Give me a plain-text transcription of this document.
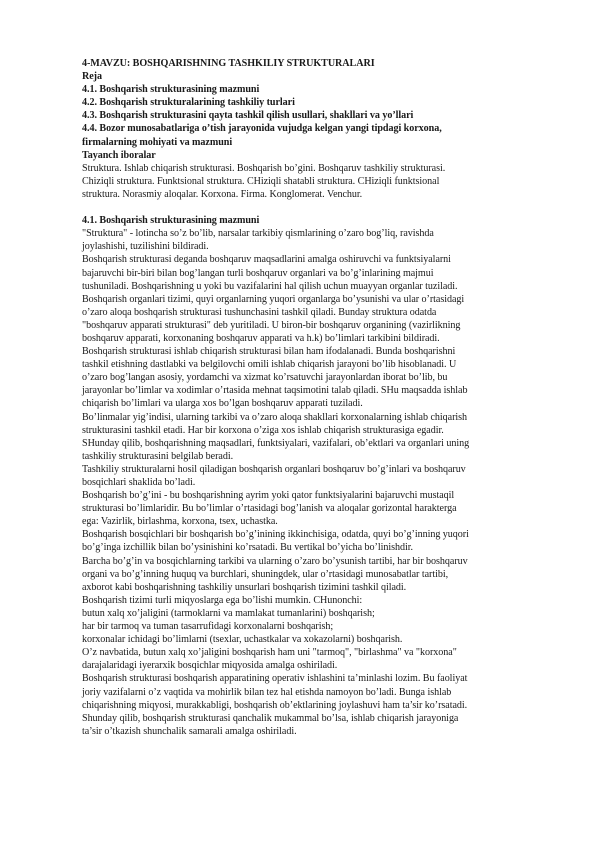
4-MAVZU: BOSHQARISHNING TASHKILIY STRUKTURALARI
Reja
4.1. Boshqarish strukturasining mazmuni
4.2. Boshqarish strukturalarining tashkiliy turlari
4.3. Boshqarish strukturasini qayta tashkil qilish usullari, shakllari va yo’llari
4.4. Bozor munosabatlariga o’tish jarayonida vujudga kelgan yangi tipdagi korxona,
firmalarning mohiyati va mazmuni
Tayanch iboralar
Struktura. Ishlab chiqarish strukturasi. Boshqarish bo’gini. Boshqaruv tashkiliy strukturasi.
Chiziqli struktura. Funktsional struktura. CHiziqli shatabli struktura. CHiziqli funktsional
struktura. Norasmiy aloqalar. Korxona. Firma. Konglomerat. Venchur.
4.1. Boshqarish strukturasining mazmuni
"Struktura" - lotincha so’z bo’lib, narsalar tarkibiy qismlarining o’zaro bog’liq, ravishda
joylashishi, tuzilishini bildiradi.
Boshqarish strukturasi deganda boshqaruv maqsadlarini amalga oshiruvchi va funktsiyalarni
bajaruvchi bir-biri bilan bog’langan turli boshqaruv organlari va bo’g’inlarining majmui
tushuniladi. Boshqarishning u yoki bu vazifalarini hal qilish uchun muayyan organlar tuziladi.
Boshqarish organlari tizimi, quyi organlarning yuqori organlarga bo’ysunishi va ular o’rtasidagi
o’zaro aloqa boshqarish strukturasi tushunchasini tashkil qiladi. Bunday struktura odatda
"boshqaruv apparati strukturasi" deb yuritiladi. U biron-bir boshqaruv organining (vazirlikning
boshqaruv apparati, korxonaning boshqaruv apparati va h.k) bo’limlari tarkibini bildiradi.
Boshqarish strukturasi ishlab chiqarish strukturasi bilan ham ifodalanadi. Bunda boshqarishni
tashkil etishning dastlabki va belgilovchi omili ishlab chiqarish jarayoni bo’lib hisoblanadi. U
o’zaro bog’langan asosiy, yordamchi va xizmat ko’rsatuvchi jarayonlardan iborat bo’lib, bu
jarayonlar bo’limlar va xodimlar o’rtasida mehnat taqsimotini talab qiladi. SHu maqsadda ishlab
chiqarish bo’limlari va ularga xos bo’lgan boshqaruv apparati tuziladi.
Bo’linmalar yig’indisi, ularning tarkibi va o’zaro aloqa shakllari korxonalarning ishlab chiqarish
strukturasini tashkil etadi. Har bir korxona o’ziga xos ishlab chiqarish strukturasiga egadir.
SHunday qilib, boshqarishning maqsadlari, funktsiyalari, vazifalari, ob’ektlari va organlari uning
tashkiliy strukturasini belgilab beradi.
Tashkiliy strukturalarni hosil qiladigan boshqarish organlari boshqaruv bo’g’inlari va boshqaruv
bosqichlari shaklida bo’ladi.
Boshqarish bo’g’ini - bu boshqarishning ayrim yoki qator funktsiyalarini bajaruvchi mustaqil
strukturasi bo’limlaridir. Bu bo’limlar o’rtasidagi bog’lanish va aloqalar gorizontal harakterga
ega: Vazirlik, birlashma, korxona, tsex, uchastka.
Boshqarish bosqichlari bir boshqarish bo’g’inining ikkinchisiga, odatda, quyi bo’g’inning yuqori
bo’g’inga izchillik bilan bo’ysinishini ko’rsatadi. Bu vertikal bo’yicha bo’linishdir.
Barcha bo’g’in va bosqichlarning tarkibi va ularning o’zaro bo’ysunish tartibi, har bir boshqaruv
organi va bo’g’inning huquq va burchlari, shuningdek, ular o’rtasidagi munosabatlar tartibi,
axborot kabi boshqarishning tashkiliy unsurlari boshqarish tizimini tashkil qiladi.
Boshqarish tizimi turli miqyoslarga ega bo’lishi mumkin. CHunonchi:
butun xalq xo’jaligini (tarmoklarni va mamlakat tumanlarini) boshqarish;
har bir tarmoq va tuman tasarrufidagi korxonalarni boshqarish;
korxonalar ichidagi bo’limlarni (tsexlar, uchastkalar va xokazolarni) boshqarish.
O’z navbatida, butun xalq xo’jaligini boshqarish ham uni "tarmoq", "birlashma" va "korxona"
darajalaridagi iyerarxik bosqichlar miqyosida amalga oshiriladi.
Boshqarish strukturasi boshqarish apparatining operativ ishlashini ta’minlashi lozim. Bu faoliyat
joriy vazifalarni o’z vaqtida va mohirlik bilan tez hal etishda namoyon bo’ladi. Bunga ishlab
chiqarishning miqyosi, murakkabligi, boshqarish ob’ektlarining joylashuvi ham ta’sir ko’rsatadi.
Shunday qilib, boshqarish strukturasi qanchalik mukammal bo’lsa, ishlab chiqarish jarayoniga
ta’sir o’tkazish shunchalik samarali amalga oshiriladi.
